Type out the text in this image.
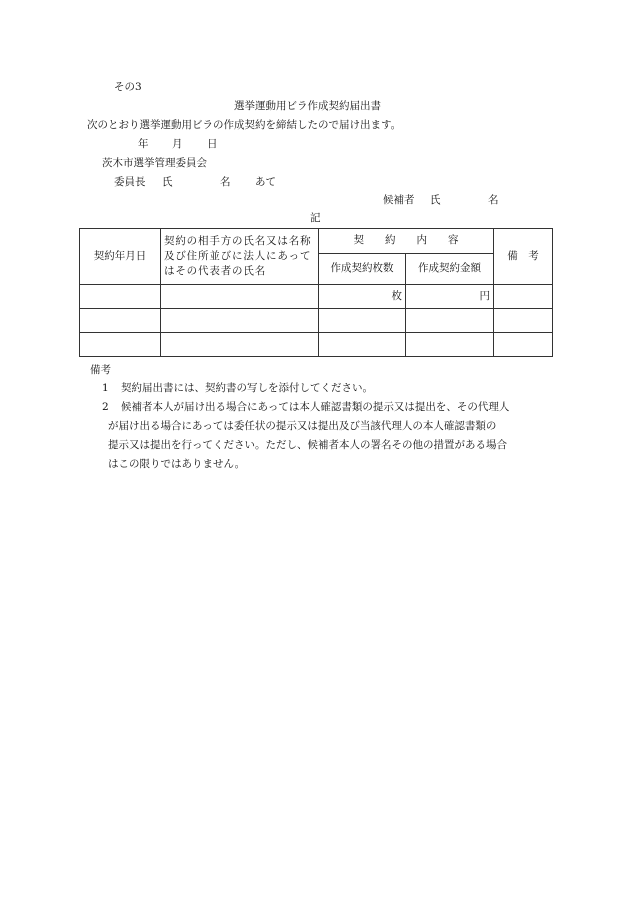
その3
選挙運動用ビラ作成契約届出書
次のとおり選挙運動用ビラの作成契約を締結したので届け出ます。
年 月 日
茨木市選挙管理委員会
委員長 氏	名 あて
候補者 氏	名
記
契約年月日	契約の相手方の氏名又は名称及び住所並びに法人にあってはその代表者の氏名	契　　約　　内　　容		備　考
		作成契約枚数	作成契約金額	
		枚	円	

備考
1 契約届出書には、契約書の写しを添付してください。
2 候補者本人が届け出る場合にあっては本人確認書類の提示又は提出を、その代理人
が届け出る場合にあっては委任状の提示又は提出及び当該代理人の本人確認書類の
提示又は提出を行ってください。ただし、候補者本人の署名その他の措置がある場合
はこの限りではありません。
